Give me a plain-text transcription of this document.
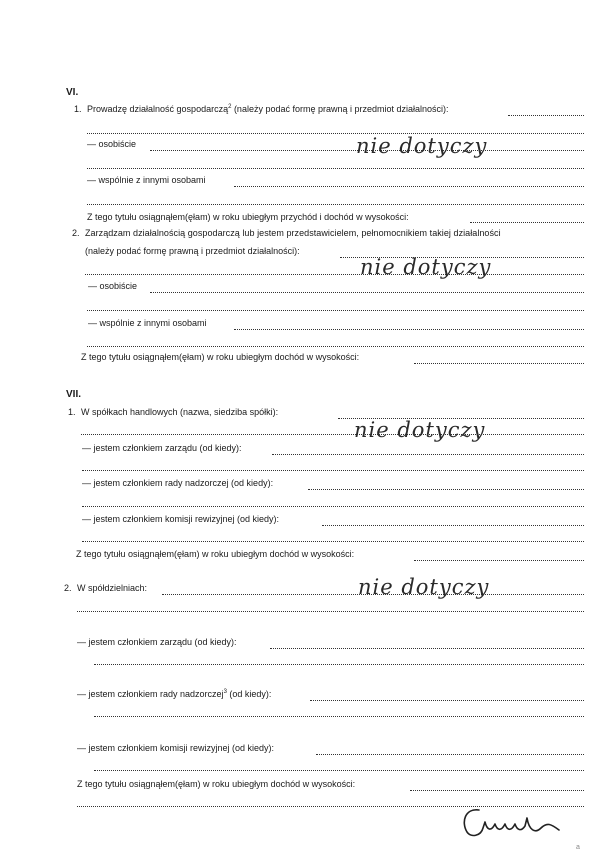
VI.
1. Prowadzę działalność gospodarczą$^2$ (należy podać formę prawną i przedmiot działalności):
— osobiście
— wspólnie z innymi osobami
Z tego tytułu osiągnąłem(ęłam) w roku ubiegłym przychód i dochód w wysokości:
nie dotyczy
2. Zarządzam działalnością gospodarczą lub jestem przedstawicielem, pełnomocnikiem takiej działalności
(należy podać formę prawną i przedmiot działalności):
— osobiście
— wspólnie z innymi osobami
Z tego tytułu osiągnąłem(ęłam) w roku ubiegłym dochód w wysokości:
nie dotyczy
VII.
1. W spółkach handlowych (nazwa, siedziba spółki):
— jestem członkiem zarządu (od kiedy):
— jestem członkiem rady nadzorczej (od kiedy):
— jestem członkiem komisji rewizyjnej (od kiedy):
Z tego tytułu osiągnąłem(ęłam) w roku ubiegłym dochód w wysokości:
nie dotyczy
2. W spółdzielniach:
— jestem członkiem zarządu (od kiedy):
— jestem członkiem rady nadzorczej$^3$ (od kiedy):
— jestem członkiem komisji rewizyjnej (od kiedy):
Z tego tytułu osiągnąłem(ęłam) w roku ubiegłym dochód w wysokości:
nie dotyczy
a
